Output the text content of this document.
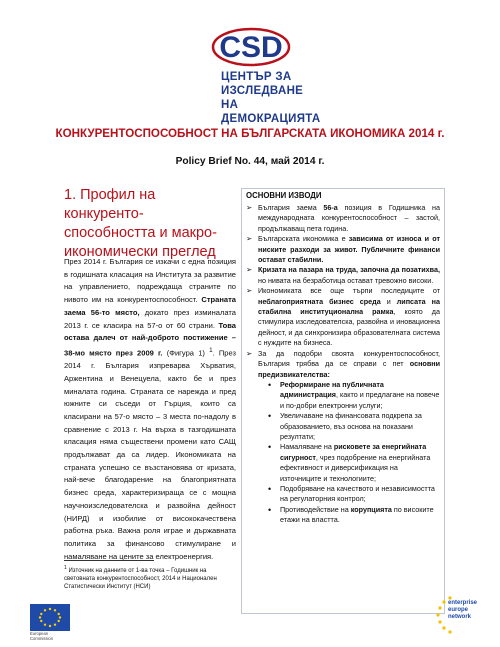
CSD
ЦЕНТЪР ЗА
ИЗСЛЕДВАНЕ НА
ДЕМОКРАЦИЯТА
КОНКУРЕНТОСПОСОБНОСТ НА БЪЛГАРСКАТА ИКОНОМИКА 2014 г.
Policy Brief No. 44, май 2014 г.
1. Профил на конкуренто-способността и макро-икономически преглед
През 2014 г. България се изкачи с една позиция в годишната класация на Института за развитие на управлението, подреждаща страните по нивото им на конкурентоспособност. Страната заема 56-то място, докато през изминалата 2013 г. се класира на 57-о от 60 страни. Това остава далеч от най-доброто постижение – 38-мо място през 2009 г. (Фигура 1) $^1$. През 2014 г. България изпреварва Хърватия, Аржентина и Венецуела, както бе и през миналата година. Страната се нарежда и пред южните си съседи от Гърция, които са класирани на 57-о място – 3 места по-надолу в сравнение с 2013 г. На върха в тазгодишната класация няма съществени промени като САЩ продължават да са лидер. Икономиката на страната успешно се възстановява от кризата, най-вече благодарение на благоприятната бизнес среда, характеризираща се с мощна научноизследователска и развойна дейност (НИРД) и изобилие от висококачествена работна ръка. Важна роля играе и държавната политика за финансово стимулиране и намаляване на цените за електроенергия.
$^1$ Източник на данните от 1-ва точка – Годишник на световната конкурентоспособност, 2014 и Национален Статистически Институт (НСИ)
ОСНОВНИ ИЗВОДИ
➢ България заема 56-а позиция в Годишника на международната конкурентоспособност – застой, продължаващ пета година.
➢ Българската икономика е зависима от износа и от ниските разходи за живот. Публичните финанси остават стабилни.
➢ Кризата на пазара на труда, започна да позатихва, но нивата на безработица остават тревожно високи.
➢ Икономиката все още търпи последиците от неблагоприятната бизнес среда и липсата на стабилна институционална рамка, която да стимулира изследователска, развойна и иновационна дейност, и да синхронизира образователната система с нуждите на бизнеса.
➢ За да подобри своята конкурентоспособност, България трябва да се справи с пет основни предизвикателства:
• Реформиране на публичната администрация, както и предлагане на повече и по-добри електронни услуги;
• Увеличаване на финансовата подкрепа за образованието, въз основа на показани резултати;
• Намаляване на рисковете за енергийната сигурност, чрез подобрение на енергийната ефективност и диверсификация на източниците и технологиите;
• Подобряване на качеството и независимостта на регулаторния контрол;
• Противодействие на корупцията по високите етажи на властта.
European
Commission
enterprise
europe
network
